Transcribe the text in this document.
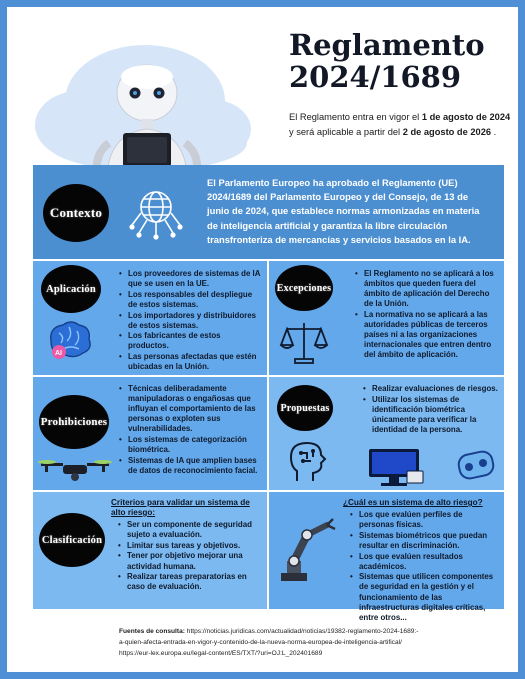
Reglamento
2024/1689
El Reglamento entra en vigor el 1 de agosto de 2024 y será aplicable a partir del 2 de agosto de 2026 .
Contexto
El Parlamento Europeo ha aprobado el Reglamento (UE) 2024/1689 del Parlamento Europeo y del Consejo, de 13 de junio de 2024, que establece normas armonizadas en materia de inteligencia artificial y garantiza la libre circulación transfronteriza de mercancías y servicios basados en la IA.
Aplicación
AI
• Los proveedores de sistemas de IA que se usen en la UE.
• Los responsables del despliegue de estos sistemas.
• Los importadores y distribuidores de estos sistemas.
• Los fabricantes de estos productos.
• Las personas afectadas que estén ubicadas en la Unión.
Excepciones
• El Reglamento no se aplicará a los ámbitos que queden fuera del ámbito de aplicación del Derecho de la Unión.
• La normativa no se aplicará a las autoridades públicas de terceros países ni a las organizaciones internacionales que entren dentro del ámbito de aplicación.
Prohibiciones
• Técnicas deliberadamente manipuladoras o engañosas que influyan el comportamiento de las personas o exploten sus vulnerabilidades.
• Los sistemas de categorización biométrica.
• Sistemas de IA que amplien bases de datos de reconocimiento facial.
Propuestas
• Realizar evaluaciones de riesgos.
• Utilizar los sistemas de identificación biométrica únicamente para verificar la identidad de la persona.
Clasificación
Criterios para validar un sistema de alto riesgo:
• Ser un componente de seguridad sujeto a evaluación.
• Limitar sus tareas y objetivos.
• Tener por objetivo mejorar una actividad humana.
• Realizar tareas preparatorias en caso de evaluación.
¿Cuál es un sistema de alto riesgo?
• Los que evalúen perfiles de personas físicas.
• Sistemas biométricos que puedan resultar en discriminación.
• Los que evalúen resultados académicos.
• Sistemas que utilicen componentes de seguridad en la gestión y el funcionamiento de las infraestructuras digitales críticas, entre otros...
Fuentes de consulta: https://noticias.juridicas.com/actualidad/noticias/19382-reglamento-2024-1689:-a-quien-afecta-entrada-en-vigor-y-contenido-de-la-nueva-norma-europea-de-inteligencia-artifical/
https://eur-lex.europa.eu/legal-content/ES/TXT/?uri=OJ:L_202401689
